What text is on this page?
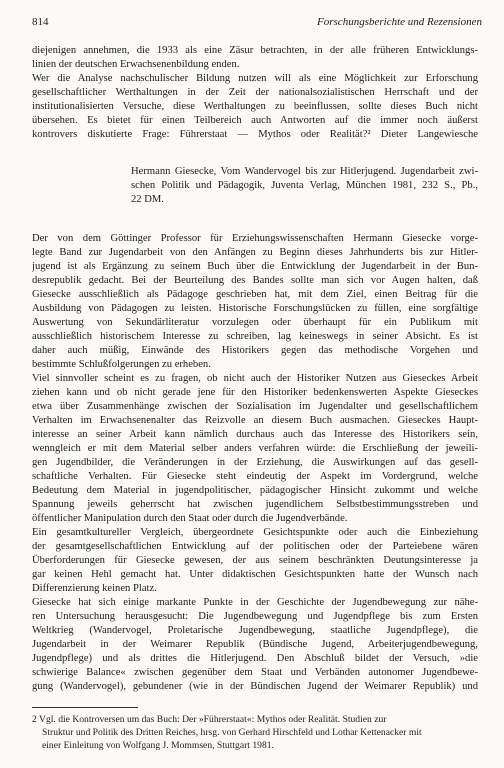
814	Forschungsberichte und Rezensionen
diejenigen annehmen, die 1933 als eine Zäsur betrachten, in der alle früheren Entwicklungs-
linien der deutschen Erwachsenenbildung enden.
Wer die Analyse nachschulischer Bildung nutzen will als eine Möglichkeit zur Erforschung
gesellschaftlicher Werthaltungen in der Zeit der nationalsozialistischen Herrschaft und der
institutionalisierten Versuche, diese Werthaltungen zu beeinflussen, sollte dieses Buch nicht
übersehen. Es bietet für einen Teilbereich auch Antworten auf die immer noch äußerst
kontrovers diskutierte Frage: Führerstaat — Mythos oder Realität?² Dieter Langewiesche
Hermann Giesecke, Vom Wandervogel bis zur Hitlerjugend. Jugendarbeit zwi-
schen Politik und Pädagogik, Juventa Verlag, München 1981, 232 S., Pb.,
22 DM.
Der von dem Göttinger Professor für Erziehungswissenschaften Hermann Giesecke vorge-
legte Band zur Jugendarbeit von den Anfängen zu Beginn dieses Jahrhunderts bis zur Hitler-
jugend ist als Ergänzung zu seinem Buch über die Entwicklung der Jugendarbeit in der Bun-
desrepublik gedacht. Bei der Beurteilung des Bandes sollte man sich vor Augen halten, daß
Giesecke ausschließlich als Pädagoge geschrieben hat, mit dem Ziel, einen Beitrag für die
Ausbildung von Pädagogen zu leisten. Historische Forschungslücken zu füllen, eine sorgfältige
Auswertung von Sekundärliteratur vorzulegen oder überhaupt für ein Publikum mit
ausschließlich historischem Interesse zu schreiben, lag keineswegs in seiner Absicht. Es ist
daher auch müßig, Einwände des Historikers gegen das methodische Vorgehen und
bestimmte Schlußfolgerungen zu erheben.
Viel sinnvoller scheint es zu fragen, ob nicht auch der Historiker Nutzen aus Gieseckes Arbeit
ziehen kann und ob nicht gerade jene für den Historiker bedenkenswerten Aspekte Gieseckes
etwa über Zusammenhänge zwischen der Sozialisation im Jugendalter und gesellschaftlichem
Verhalten im Erwachsenenalter das Reizvolle an diesem Buch ausmachen. Gieseckes Haupt-
interesse an seiner Arbeit kann nämlich durchaus auch das Interesse des Historikers sein,
wenngleich er mit dem Material selber anders verfahren würde: die Erschließung der jeweili-
gen Jugendbilder, die Veränderungen in der Erziehung, die Auswirkungen auf das gesell-
schaftliche Verhalten. Für Giesecke steht eindeutig der Aspekt im Vordergrund, welche
Bedeutung dem Material in jugendpolitischer, pädagogischer Hinsicht zukommt und welche
Spannung jeweils geherrscht hat zwischen jugendlichem Selbstbestimmungsstreben und
öffentlicher Manipulation durch den Staat oder durch die Jugendverbände.
Ein gesamtkultureller Vergleich, übergeordnete Gesichtspunkte oder auch die Einbeziehung
der gesamtgesellschaftlichen Entwicklung auf der politischen oder der Parteiebene wären
Überforderungen für Giesecke gewesen, der aus seinem beschränkten Deutungsinteresse ja
gar keinen Hehl gemacht hat. Unter didaktischen Gesichtspunkten hatte der Wunsch nach
Differenzierung keinen Platz.
Giesecke hat sich einige markante Punkte in der Geschichte der Jugendbewegung zur nähe-
ren Untersuchung herausgesucht: Die Jugendbewegung und Jugendpflege bis zum Ersten
Weltkrieg (Wandervogel, Proletarische Jugendbewegung, staatliche Jugendpflege), die
Jugendarbeit in der Weimarer Republik (Bündische Jugend, Arbeiterjugendbewegung,
Jugendpflege) und als drittes die Hitlerjugend. Den Abschluß bildet der Versuch, »die
schwierige Balance« zwischen gegenüber dem Staat und Verbänden autonomer Jugendbewe-
gung (Wandervogel), gebundener (wie in der Bündischen Jugend der Weimarer Republik) und
2 Vgl. die Kontroversen um das Buch: Der »Führerstaat«: Mythos oder Realität. Studien zur
Struktur und Politik des Dritten Reiches, hrsg. von Gerhard Hirschfeld und Lothar Kettenacker mit
einer Einleitung von Wolfgang J. Mommsen, Stuttgart 1981.
